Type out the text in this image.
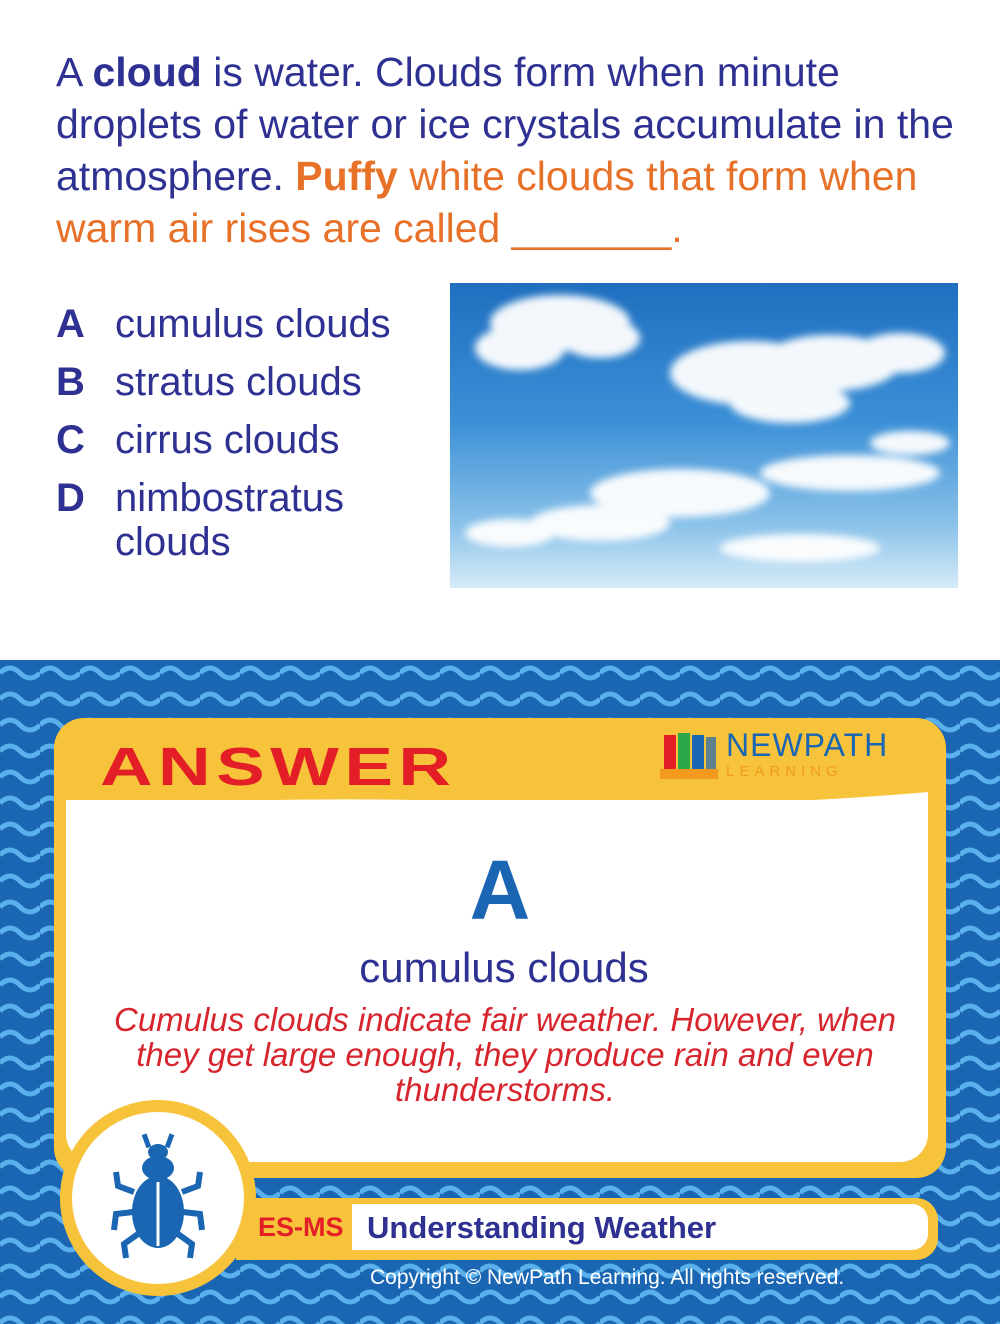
A cloud is water. Clouds form when minute droplets of water or ice crystals accumulate in the atmosphere. Puffy white clouds that form when warm air rises are called _______.
A cumulus clouds
B stratus clouds
C cirrus clouds
D nimbostratus clouds
ANSWER	NEWPATH
LEARNING
A
cumulus clouds
Cumulus clouds indicate fair weather. However, when they get large enough, they produce rain and even thunderstorms.
ES-MS Understanding Weather
Copyright © NewPath Learning. All rights reserved.
